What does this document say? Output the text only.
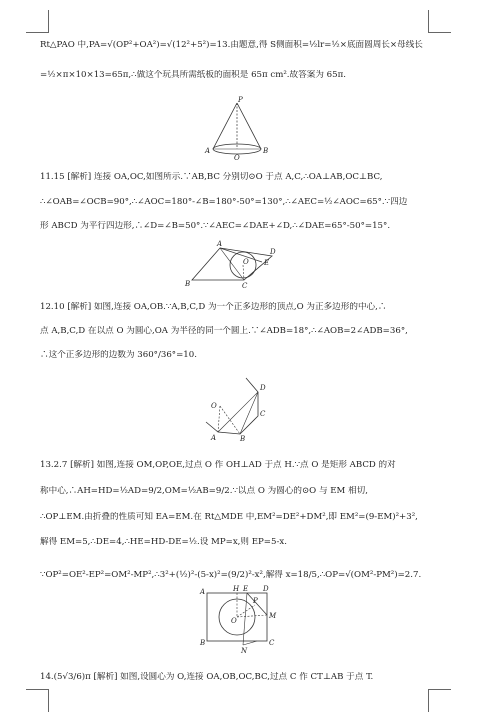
Rt△PAO 中,PA=√(OP²+OA²)=√(12²+5²)=13.由题意,得 S侧面积=½lr=½×底面圆周长×母线长
=½×π×10×13=65π,∴做这个玩具所需纸板的面积是 65π cm².故答案为 65π.
P
A
O
B
11.15 [解析] 连接 OA,OC,如图所示.∵AB,BC 分别切⊙O 于点 A,C,∴OA⊥AB,OC⊥BC,
∴∠OAB=∠OCB=90°,∴∠AOC=180°-∠B=180°-50°=130°,∴∠AEC=½∠AOC=65°.∵四边
形 ABCD 为平行四边形,∴∠D=∠B=50°.∵∠AEC=∠DAE+∠D,∴∠DAE=65°-50°=15°.
A
D
O E
B	C
12.10 [解析] 如图,连接 OA,OB.∵A,B,C,D 为一个正多边形的顶点,O 为正多边形的中心,∴
点 A,B,C,D 在以点 O 为圆心,OA 为半径的同一个圆上.∵∠ADB=18°,∴∠AOB=2∠ADB=36°,
∴这个正多边形的边数为 360°/36°=10.
D
O
C
A	B
13.2.7 [解析] 如图,连接 OM,OP,OE,过点 O 作 OH⊥AD 于点 H.∵点 O 是矩形 ABCD 的对
称中心,∴AH=HD=½AD=9/2,OM=½AB=9/2.∵以点 O 为圆心的⊙O 与 EM 相切,
∴OP⊥EM.由折叠的性质可知 EA=EM.在 Rt△MDE 中,EM²=DE²+DM²,即 EM²=(9-EM)²+3²,
解得 EM=5,∴DE=4,∴HE=HD-DE=½.设 MP=x,则 EP=5-x.
∵OP²=OE²-EP²=OM²-MP²,∴3²+(½)²-(5-x)²=(9/2)²-x²,解得 x=18/5,∴OP=√(OM²-PM²)=2.7.
A	H E D
O
P
M
B	C
N
14.(5√3/6)π [解析] 如图,设圆心为 O,连接 OA,OB,OC,BC,过点 C 作 CT⊥AB 于点 T.
